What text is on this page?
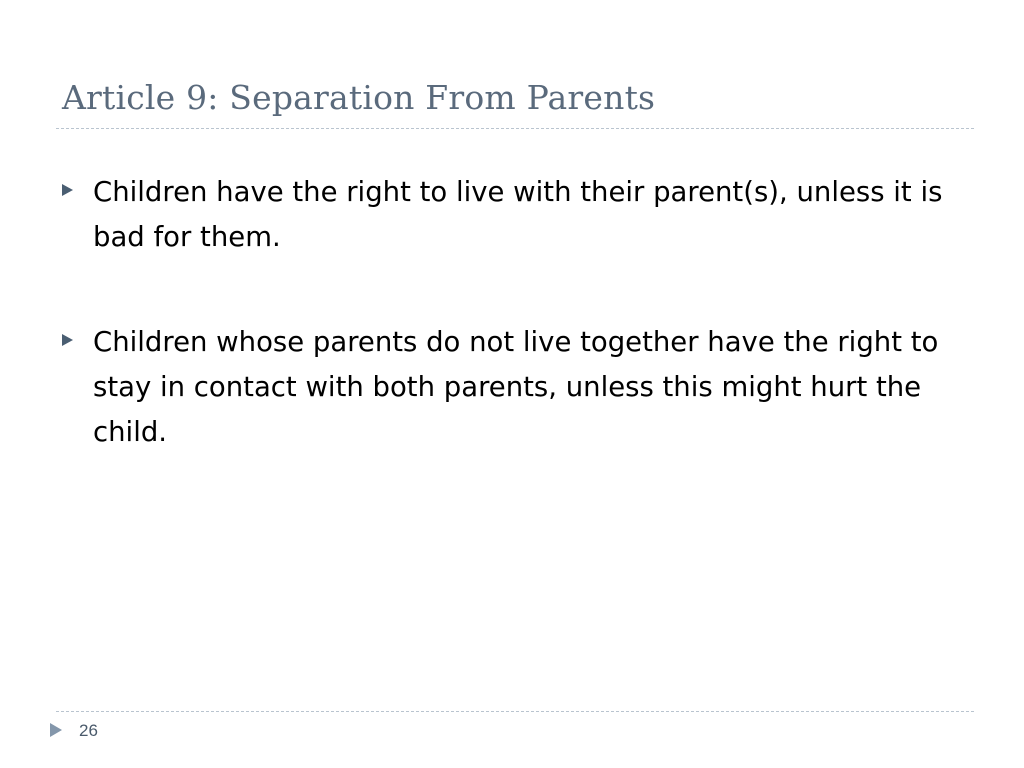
Article 9: Separation From Parents
Children have the right to live with their parent(s), unless it is bad for them.
Children whose parents do not live together have the right to stay in contact with both parents, unless this might hurt the child.
26
